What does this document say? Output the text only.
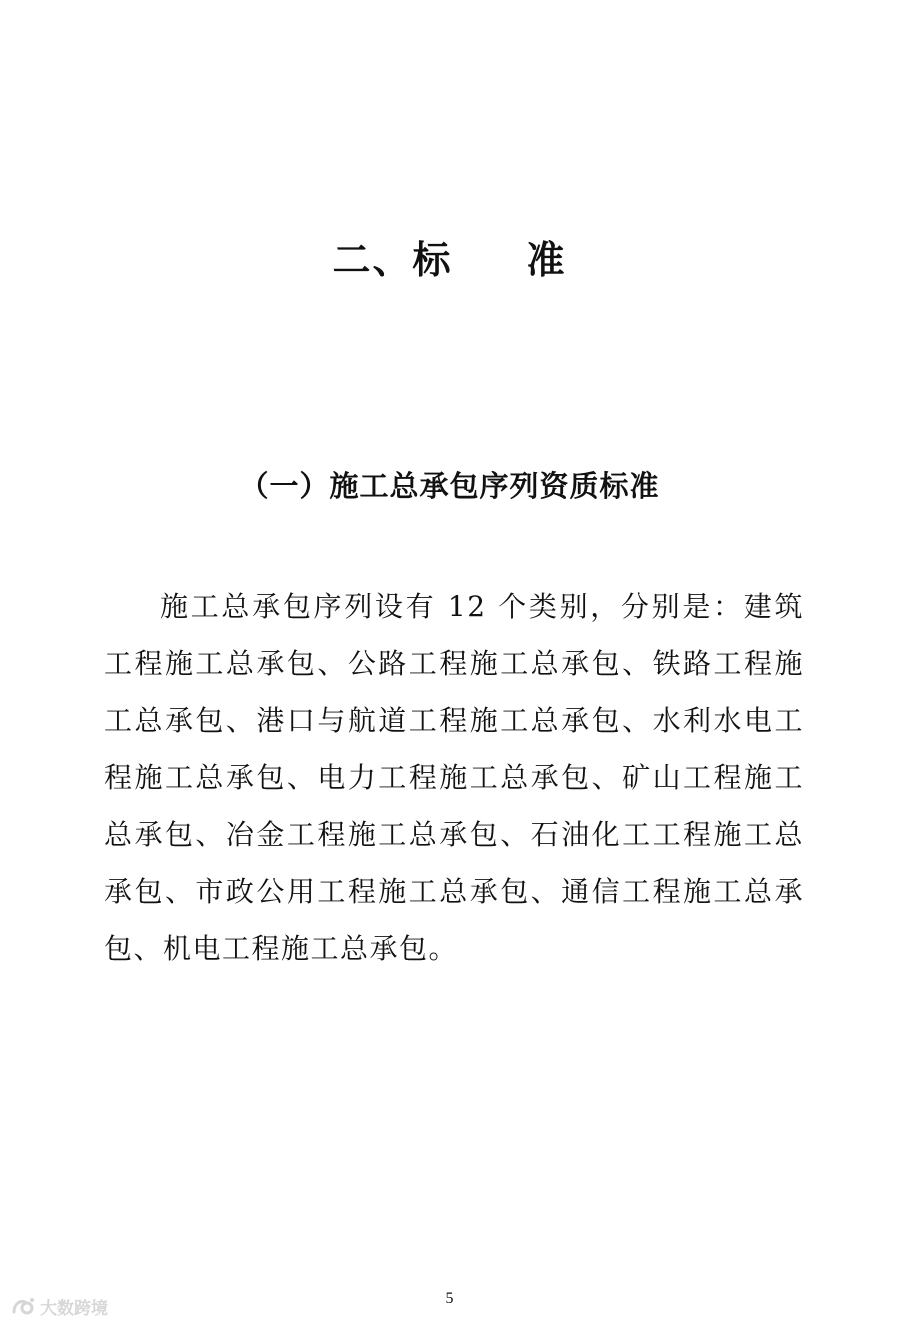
二、标 准
（一）施工总承包序列资质标准
施工总承包序列设有 12 个类别，分别是：建筑工程施工总承包、公路工程施工总承包、铁路工程施工总承包、港口与航道工程施工总承包、水利水电工程施工总承包、电力工程施工总承包、矿山工程施工总承包、冶金工程施工总承包、石油化工工程施工总承包、市政公用工程施工总承包、通信工程施工总承包、机电工程施工总承包。
5
大数跨境
